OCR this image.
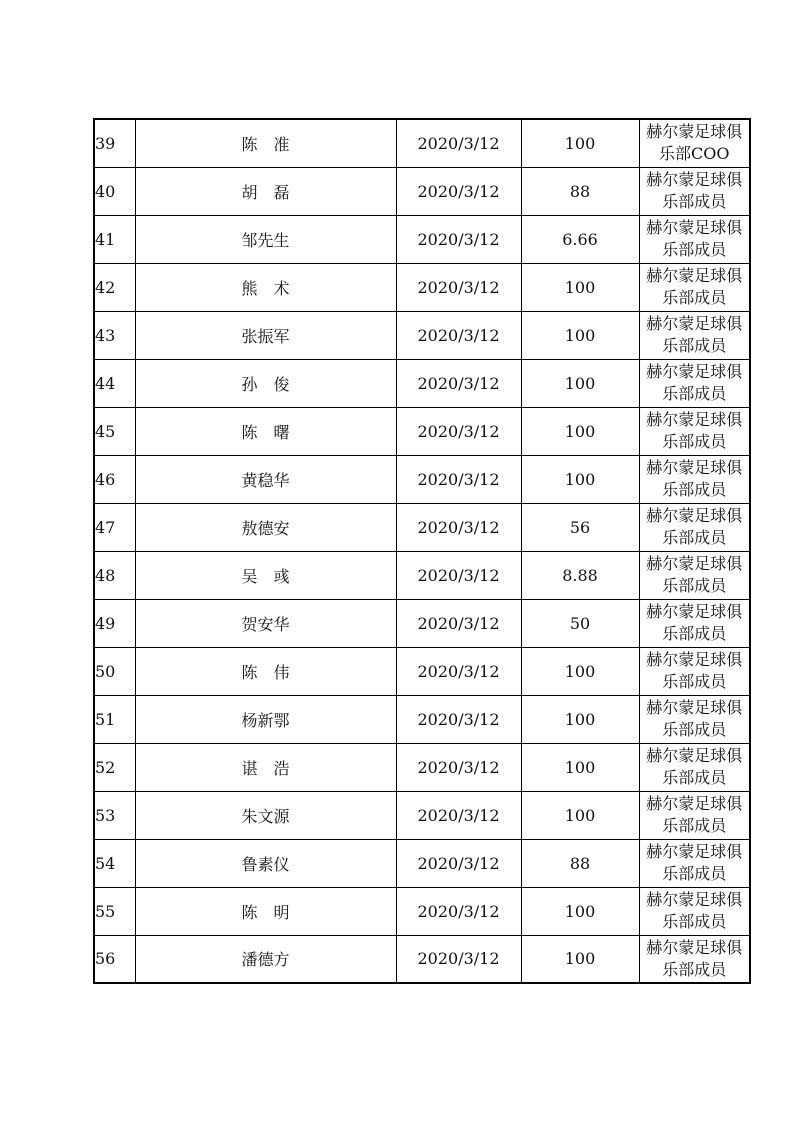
39	陈　准	2020/3/12	100	赫尔蒙足球俱
乐部COO

40	胡　磊	2020/3/12	88	赫尔蒙足球俱
乐部成员

41	邹先生	2020/3/12	6.66	赫尔蒙足球俱
乐部成员

42	熊　术	2020/3/12	100	赫尔蒙足球俱
乐部成员

43	张振军	2020/3/12	100	赫尔蒙足球俱
乐部成员

44	孙　俊	2020/3/12	100	赫尔蒙足球俱
乐部成员

45	陈　曙	2020/3/12	100	赫尔蒙足球俱
乐部成员

46	黄稳华	2020/3/12	100	赫尔蒙足球俱
乐部成员

47	敖德安	2020/3/12	56	赫尔蒙足球俱
乐部成员

48	吴　彧	2020/3/12	8.88	赫尔蒙足球俱
乐部成员

49	贺安华	2020/3/12	50	赫尔蒙足球俱
乐部成员

50	陈　伟	2020/3/12	100	赫尔蒙足球俱
乐部成员

51	杨新鄂	2020/3/12	100	赫尔蒙足球俱
乐部成员

52	谌　浩	2020/3/12	100	赫尔蒙足球俱
乐部成员

53	朱文源	2020/3/12	100	赫尔蒙足球俱
乐部成员

54	鲁素仪	2020/3/12	88	赫尔蒙足球俱
乐部成员

55	陈　明	2020/3/12	100	赫尔蒙足球俱
乐部成员

56	潘德方	2020/3/12	100	赫尔蒙足球俱
乐部成员
